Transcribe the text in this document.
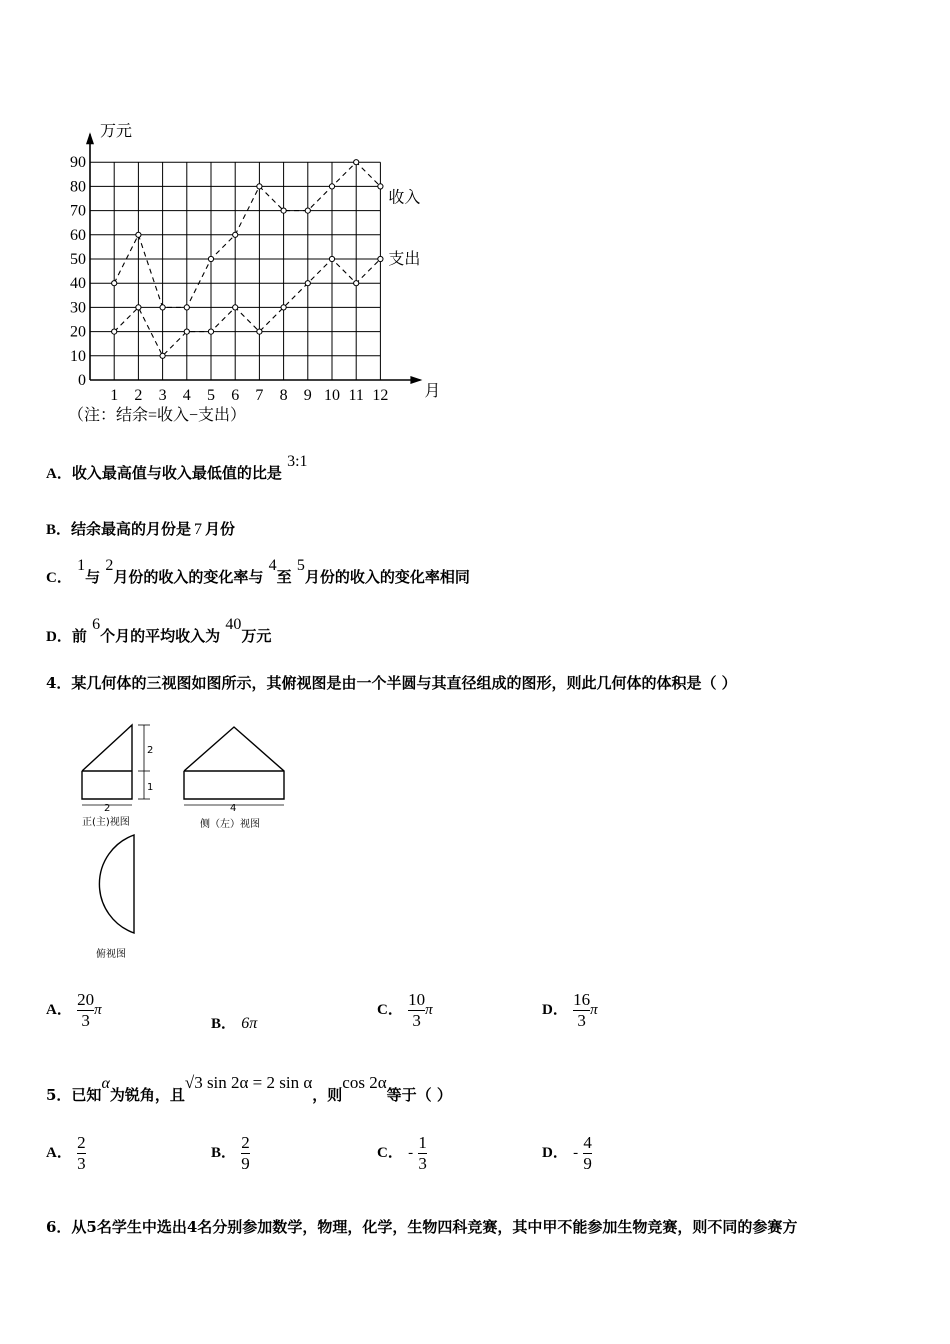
0
10
20
30
40
50
60
70
80
90
1 2 3 4 5 6 7 8 9 10 11 12
万元
月
（注：结余=收入−支出）
收入
支出
A．收入最高值与收入最低值的比是 3:1
B．结余最高的月份是 7 月份
C． 1与 2月份的收入的变化率与 4至 5月份的收入的变化率相同
D．前 6个月的平均收入为 40万元
4．某几何体的三视图如图所示，其俯视图是由一个半圆与其直径组成的图形，则此几何体的体积是（ ）
2
1
2
正(主)视图
4
侧（左）视图
俯视图
A． $\frac{20}{3}$ π
B． 6π
C． $\frac{10}{3}$ π	D． $\frac{16}{3}$ π
5．已知α为锐角，且√3 sin 2α = 2 sin α，则cos 2α等于（ ）
A． $\frac{2}{3}$	B． $\frac{2}{9}$	C． - $\frac{1}{3}$	D． - $\frac{4}{9}$
6．从5名学生中选出4名分别参加数学，物理，化学，生物四科竞赛，其中甲不能参加生物竞赛，则不同的参赛方
